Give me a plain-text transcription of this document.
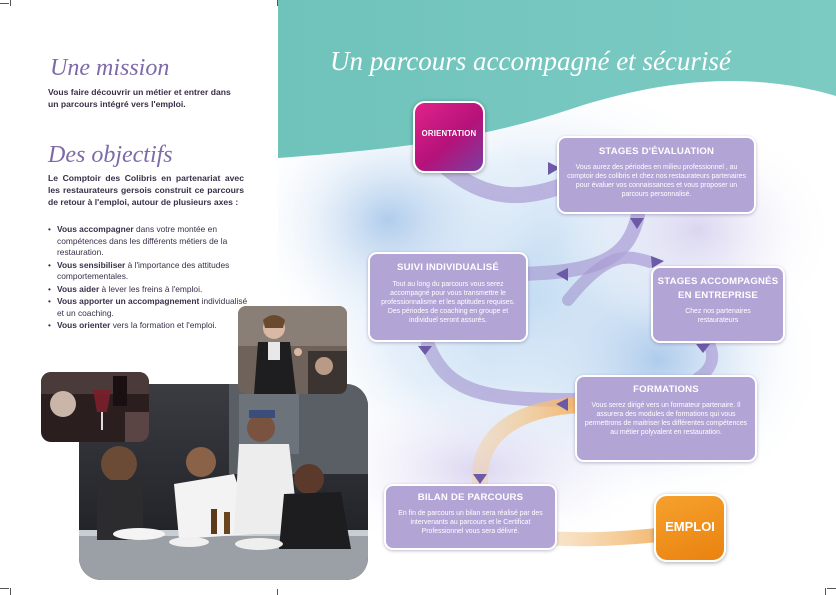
Un parcours accompagné et sécurisé
ORIENTATION
STAGES D'ÉVALUATION
Vous aurez des périodes en milieu professionnel , au comptoir des colibris et chez nos restaurateurs partenaires pour évaluer vos connaissances et vous proposer un parcours personnalisé.
SUIVI INDIVIDUALISÉ
Tout au long du parcours vous serez accompagné pour vous transmettre le professionnalisme et les aptitudes requises. Des périodes de coaching en groupe et individuel seront assurés.
STAGES ACCOMPAGNÉS
EN ENTREPRISE
Chez nos partenaires restaurateurs
FORMATIONS
Vous serez dirigé vers un formateur partenaire. Il assurera des modules de formations qui vous permettrons de maitriser les différentes compétences au métier polyvalent en restauration.
BILAN DE PARCOURS
En fin de parcours un bilan sera réalisé par des intervenants au parcours et le Certificat Professionnel vous sera délivré.	EMPLOI
Une mission
Vous faire découvrir un métier et entrer dans un parcours intégré vers l'emploi.
Des objectifs
Le Comptoir des Colibris en partenariat avec les restaurateurs gersois construit ce parcours de retour à l'emploi, autour de plusieurs axes :
• Vous accompagner dans votre montée en compétences dans les différents métiers de la restauration.
• Vous sensibiliser à l'importance des attitudes comportementales.
• Vous aider à lever les freins à l'emploi.
• Vous apporter un accompagnement individualisé et un coaching.
• Vous orienter vers la formation et l'emploi.
